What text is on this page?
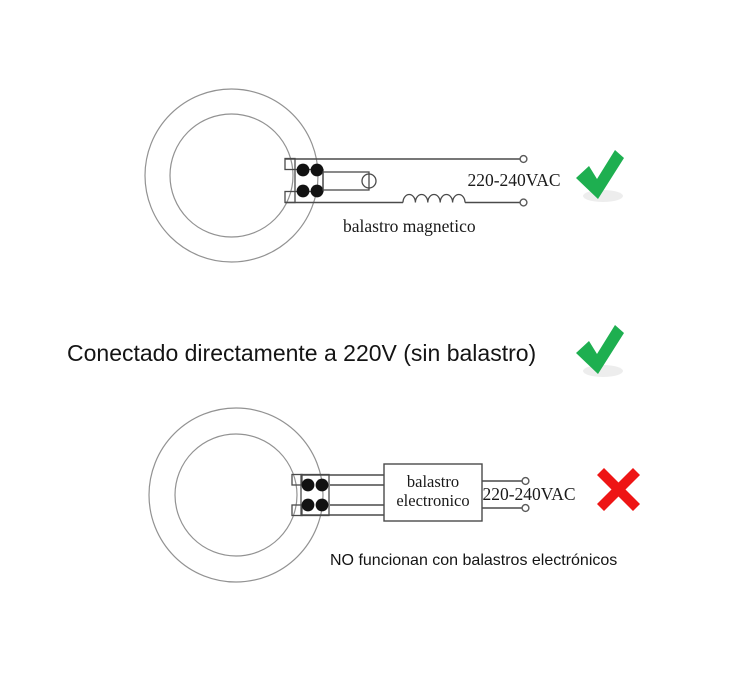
220-240VAC
balastro magnetico
Conectado directamente a 220V (sin balastro)
balastro
electronico 220-240VAC
NO funcionan con balastros electrónicos
